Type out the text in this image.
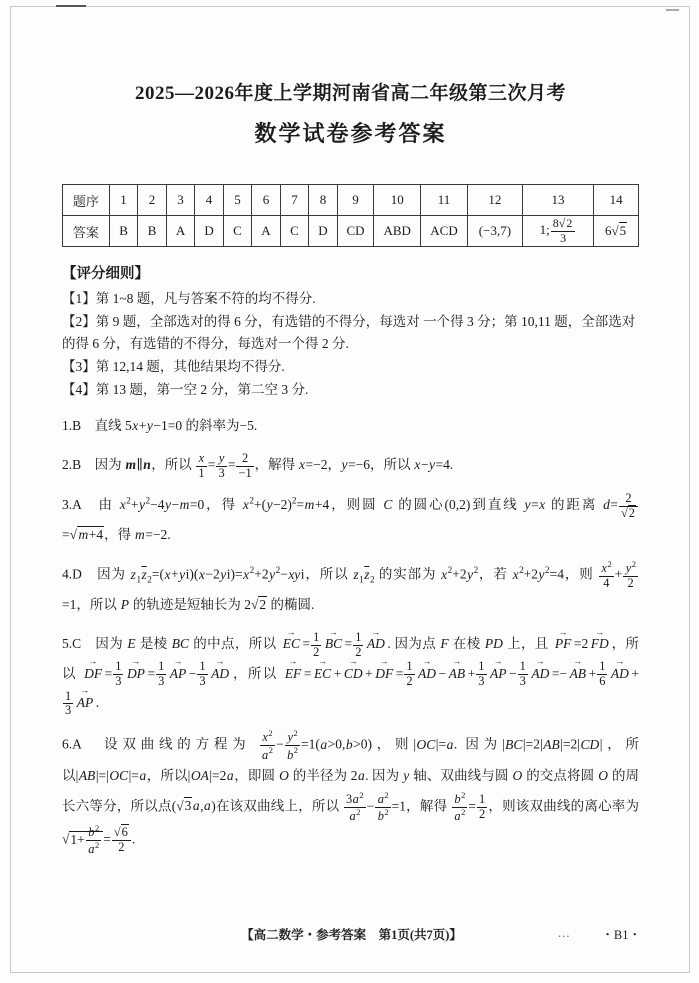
2025—2026年度上学期河南省高二年级第三次月考
数学试卷参考答案
题序	1	2	3	4	5	6	7	8	9	10	11	12	13	14
答案	B	B	A	D	C	A	C	D	CD	ABD	ACD	(−3,7)	1; $\frac{8√2}{3}$	6√5
【评分细则】

【1】第 1~8 题，凡与答案不符的均不得分.

【2】第 9 题，全部选对的得 6 分，有选错的不得分，每选对 一个得 3 分；第 10,11 题，全部选对的得 6 分，有选错的不得分，每选对一个得 2 分.

【3】第 12,14 题，其他结果均不得分.

【4】第 13 题，第一空 2 分，第二空 3 分.

1.B　直线 5x+y−1=0 的斜率为−5.

2.B　因为 m∥n，所以 $\frac{x}{1} = \frac{y}{3} = \frac{2}{-1}$ ，解得 x=−2，y=−6，所以 x−y=4.

3.A　由 $x^2+y^2-4y-m=0$，得 $x^2+(y-2)^2=m+4$，则圆 C 的圆心(0,2)到直线 y=x 的距离 $d= \frac{2}{√2}$
=√ m+4，得 m=−2.

4.D　因为 $z_1\overline{z}_2=(x+yi)(x-2yi)=x^2+2y^2-xyi$，所以 $z_1\overline{z}_2$ 的实部为 $x^2+2y^2$，若 $x^2+2y^2=4$，则 $\frac{x^2}{4} + \frac{y^2}{2}$
=1，所以 P 的轨迹是短轴长为 2√2 的椭圆.

5.C　因为 E 是棱 BC 的中点，所以 EC → = $\frac{1}{2}$ BC → = $\frac{1}{2}$ AD → . 因为点 F 在棱 PD 上，且 PF → =2 FD → ，所以 DF → = $\frac{1}{3}$ DP → = $\frac{1}{3}$ AP → − $\frac{1}{3}$ AD → ，所以 EF → = EC → + CD → + DF → = $\frac{1}{2}$ AD → − AB → + $\frac{1}{3}$ AP → − $\frac{1}{3}$ AD → =− AB → + $\frac{1}{6}$ AD → +
$\frac{1}{3}$ AP → .

6.A　设双曲线的方程为 $\frac{x^2}{a^2} - \frac{y^2}{b^2} =1(a>0,b>0)$，则|OC|=a. 因为|BC|=2|AB|=2|CD|，所以|AB|=|OC|=a，所以|OA|=2a，即圆 O 的半径为 2a. 因为 y 轴、双曲线与圆 O 的交点将圆 O 的周长六等分，所以点(√3 a,a)在该双曲线上，所以 $\frac{3a^2}{a^2} - \frac{a^2}{b^2} =1$，解得 $\frac{b^2}{a^2} = \frac{1}{2}$ ，则该双曲线的离心率为 $√1+ \frac{b^2}{a^2} = \frac{√6}{2}$ .

【高二数学・参考答案　第1页(共7页)】	… ・B1・
